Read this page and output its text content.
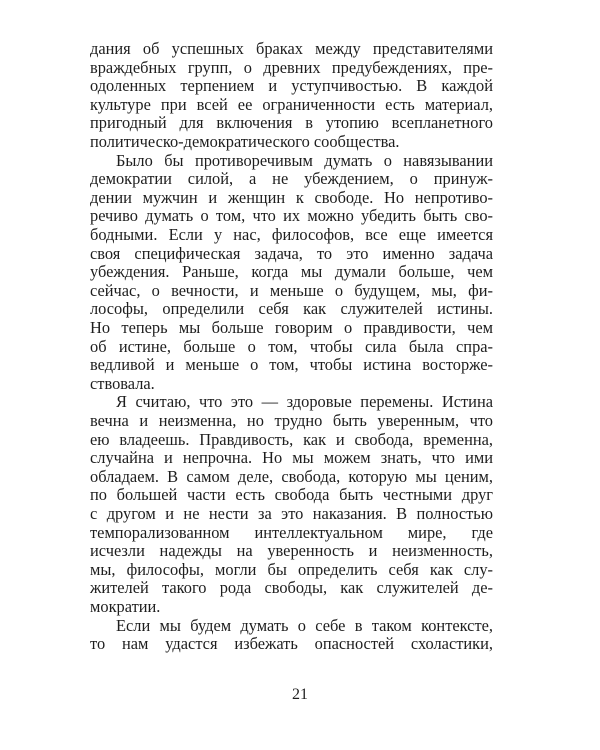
дания об успешных браках между представителями
враждебных групп, о древних предубеждениях, пре-
одоленных терпением и уступчивостью. В каждой
культуре при всей ее ограниченности есть материал,
пригодный для включения в утопию всепланетного
политическо-демократического сообщества.
Было бы противоречивым думать о навязывании
демократии силой, а не убеждением, о принуж-
дении мужчин и женщин к свободе. Но непротиво-
речиво думать о том, что их можно убедить быть сво-
бодными. Если у нас, философов, все еще имеется
своя специфическая задача, то это именно задача
убеждения. Раньше, когда мы думали больше, чем
сейчас, о вечности, и меньше о будущем, мы, фи-
лософы, определили себя как служителей истины.
Но теперь мы больше говорим о правдивости, чем
об истине, больше о том, чтобы сила была спра-
ведливой и меньше о том, чтобы истина восторже-
ствовала.
Я считаю, что это — здоровые перемены. Истина
вечна и неизменна, но трудно быть уверенным, что
ею владеешь. Правдивость, как и свобода, временна,
случайна и непрочна. Но мы можем знать, что ими
обладаем. В самом деле, свобода, которую мы ценим,
по большей части есть свобода быть честными друг
с другом и не нести за это наказания. В полностью
темпорализованном интеллектуальном мире, где
исчезли надежды на уверенность и неизменность,
мы, философы, могли бы определить себя как слу-
жителей такого рода свободы, как служителей де-
мократии.
Если мы будем думать о себе в таком контексте,
то нам удастся избежать опасностей схоластики,
21
